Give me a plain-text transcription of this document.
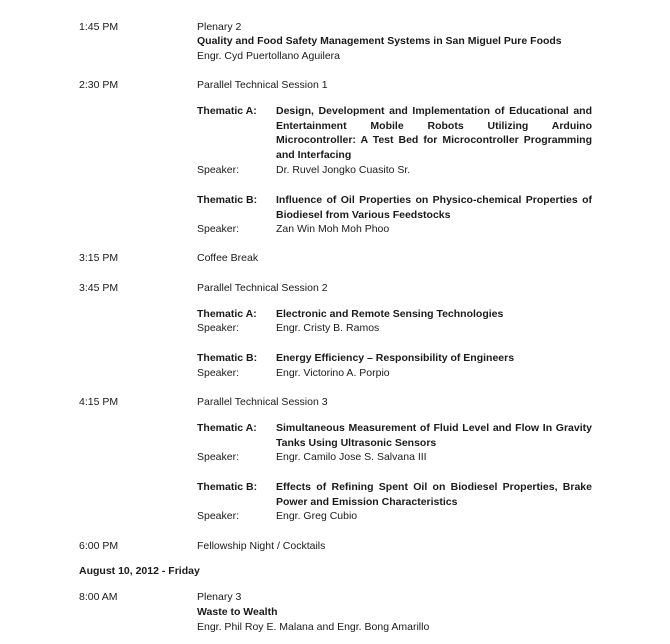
1:45 PM	Plenary 2
Quality and Food Safety Management Systems in San Miguel Pure Foods
Engr. Cyd Puertollano Aguilera
2:30 PM	Parallel Technical Session 1
Thematic A: Design, Development and Implementation of Educational and
Entertainment Mobile Robots Utilizing Arduino
Microcontroller: A Test Bed for Microcontroller Programming
and Interfacing
Speaker:	Dr. Ruvel Jongko Cuasito Sr.
Thematic B: Influence of Oil Properties on Physico-chemical Properties of
Biodiesel from Various Feedstocks
Speaker:	Zan Win Moh Moh Phoo
3:15 PM	Coffee Break
3:45 PM	Parallel Technical Session 2
Thematic A: Electronic and Remote Sensing Technologies
Speaker:	Engr. Cristy B. Ramos
Thematic B: Energy Efficiency – Responsibility of Engineers
Speaker:	Engr. Victorino A. Porpio
4:15 PM	Parallel Technical Session 3
Thematic A: Simultaneous Measurement of Fluid Level and Flow In Gravity
Tanks Using Ultrasonic Sensors
Speaker:	Engr. Camilo Jose S. Salvana III
Thematic B: Effects of Refining Spent Oil on Biodiesel Properties, Brake
Power and Emission Characteristics
Speaker:	Engr. Greg Cubio
6:00 PM	Fellowship Night / Cocktails
August 10, 2012 - Friday
8:00 AM	Plenary 3
Waste to Wealth
Engr. Phil Roy E. Malana and Engr. Bong Amarillo
